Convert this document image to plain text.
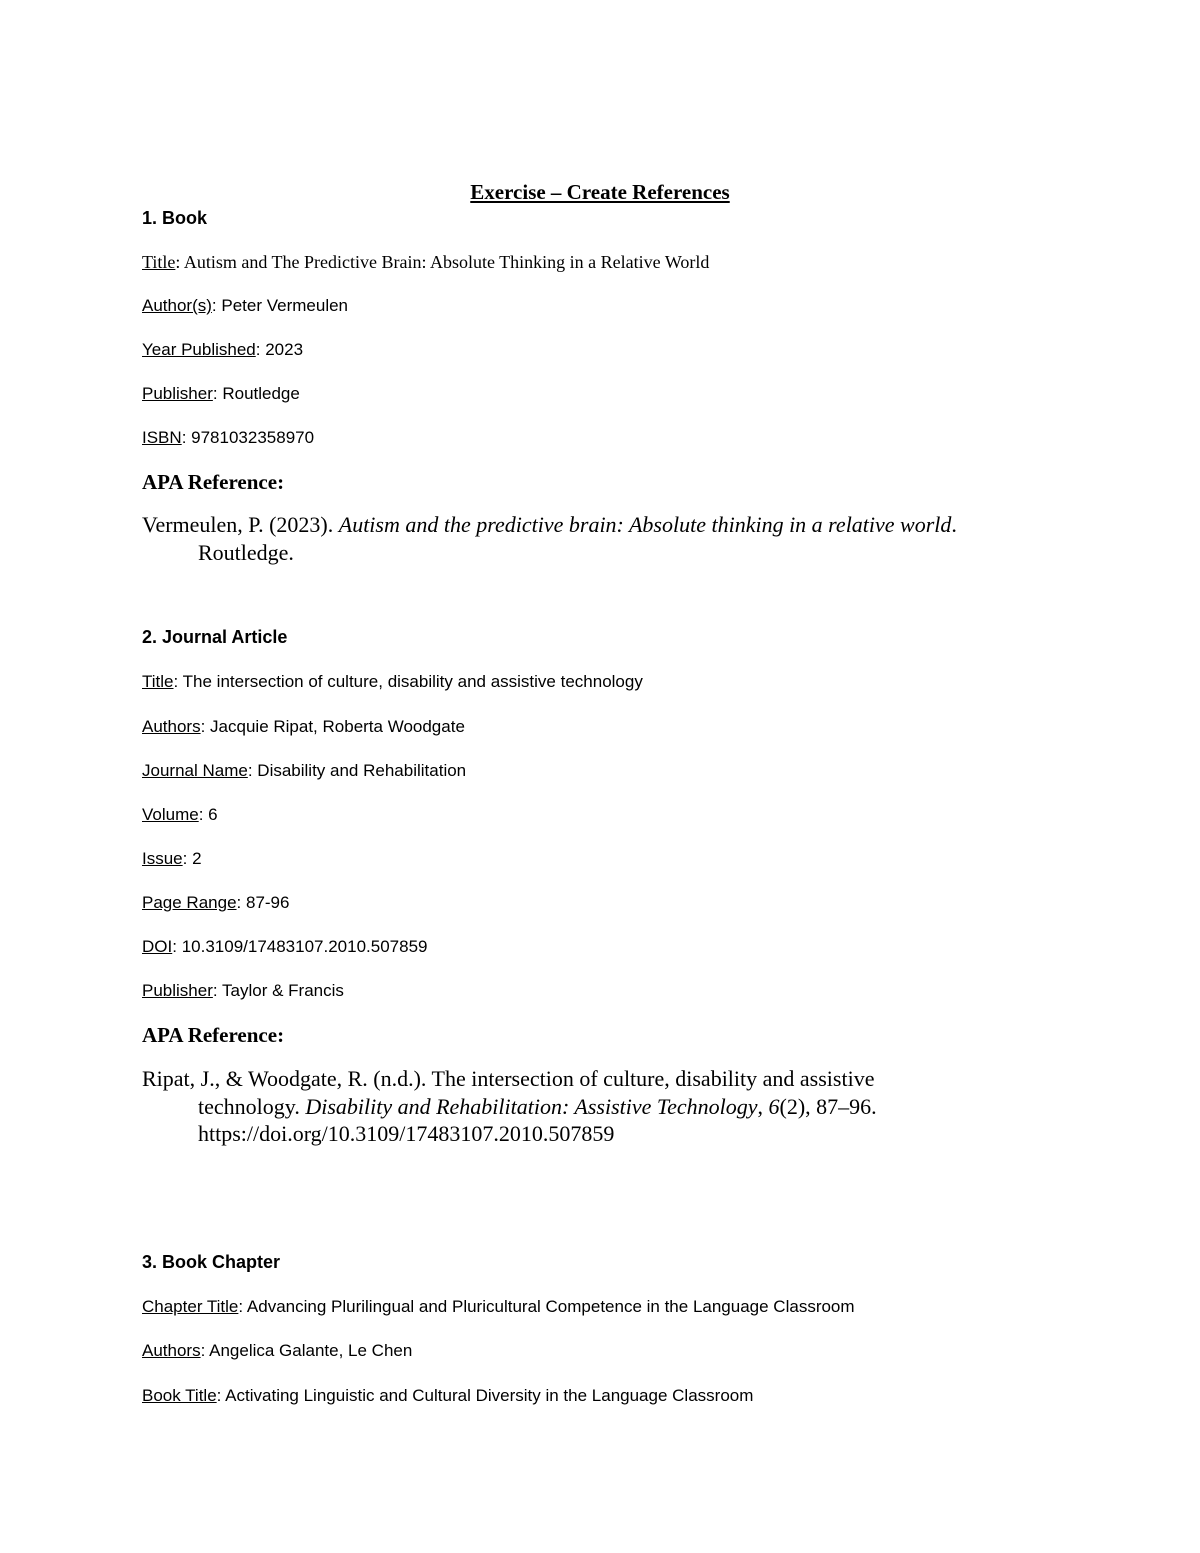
Exercise – Create References

1. Book

Title: Autism and The Predictive Brain: Absolute Thinking in a Relative World

Author(s): Peter Vermeulen

Year Published: 2023

Publisher: Routledge

ISBN: 9781032358970

APA Reference:

Vermeulen, P. (2023). Autism and the predictive brain: Absolute thinking in a relative world.

Routledge.

2. Journal Article

Title: The intersection of culture, disability and assistive technology

Authors: Jacquie Ripat, Roberta Woodgate

Journal Name: Disability and Rehabilitation

Volume: 6

Issue: 2

Page Range: 87-96

DOI: 10.3109/17483107.2010.507859

Publisher: Taylor & Francis

APA Reference:

Ripat, J., & Woodgate, R. (n.d.). The intersection of culture, disability and assistive

technology. Disability and Rehabilitation: Assistive Technology, 6(2), 87–96.

https://doi.org/10.3109/17483107.2010.507859

3. Book Chapter

Chapter Title: Advancing Plurilingual and Pluricultural Competence in the Language Classroom

Authors: Angelica Galante, Le Chen

Book Title: Activating Linguistic and Cultural Diversity in the Language Classroom
